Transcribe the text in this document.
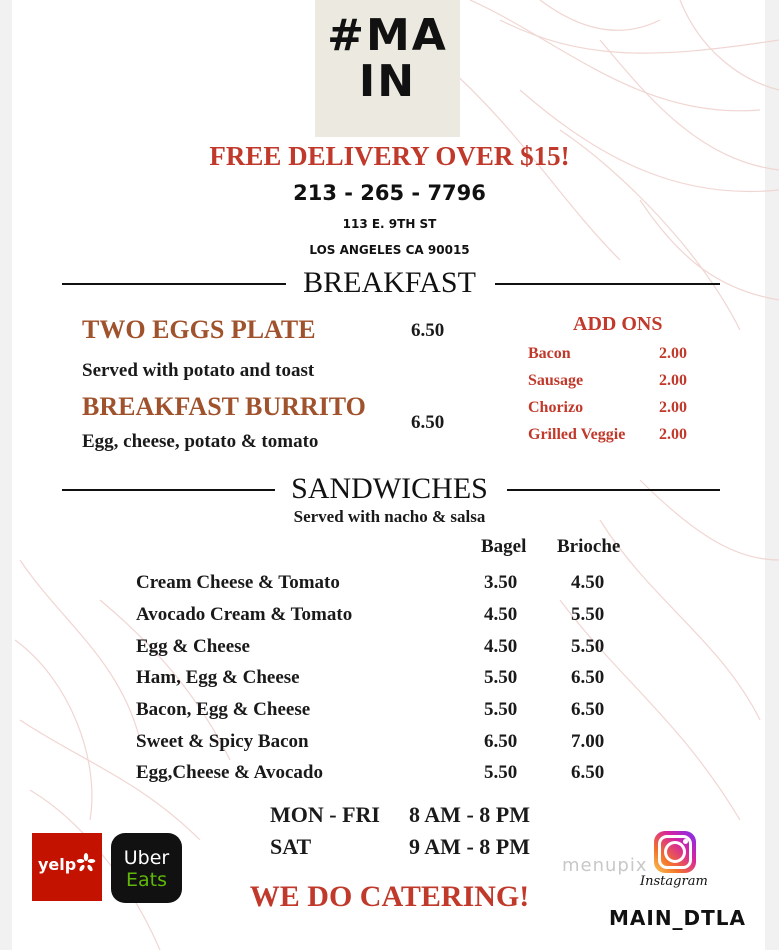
#MA
IN
FREE DELIVERY OVER $15!
213 - 265 - 7796
113 E. 9TH ST
LOS ANGELES CA 90015
BREAKFAST
TWO EGGS PLATE	6.50
Served with potato and toast
BREAKFAST BURRITO
6.50
Egg, cheese, potato & tomato
ADD ONS
Bacon	2.00
Sausage	2.00
Chorizo	2.00
Grilled Veggie 2.00
SANDWICHES
Served with nacho & salsa
Bagel Brioche
Cream Cheese & Tomato	3.50	4.50
Avocado Cream & Tomato	4.50	5.50
Egg & Cheese	4.50	5.50
Ham, Egg & Cheese	5.50	6.50
Bacon, Egg & Cheese	5.50	6.50
Sweet & Spicy Bacon	6.50	7.00
Egg,Cheese & Avocado	5.50	6.50
MON - FRI 8 AM - 8 PM
SAT	9 AM - 8 PM
WE DO CATERING!
yelp	Uber
Eats
menupix
Instagram
MAIN_DTLA
